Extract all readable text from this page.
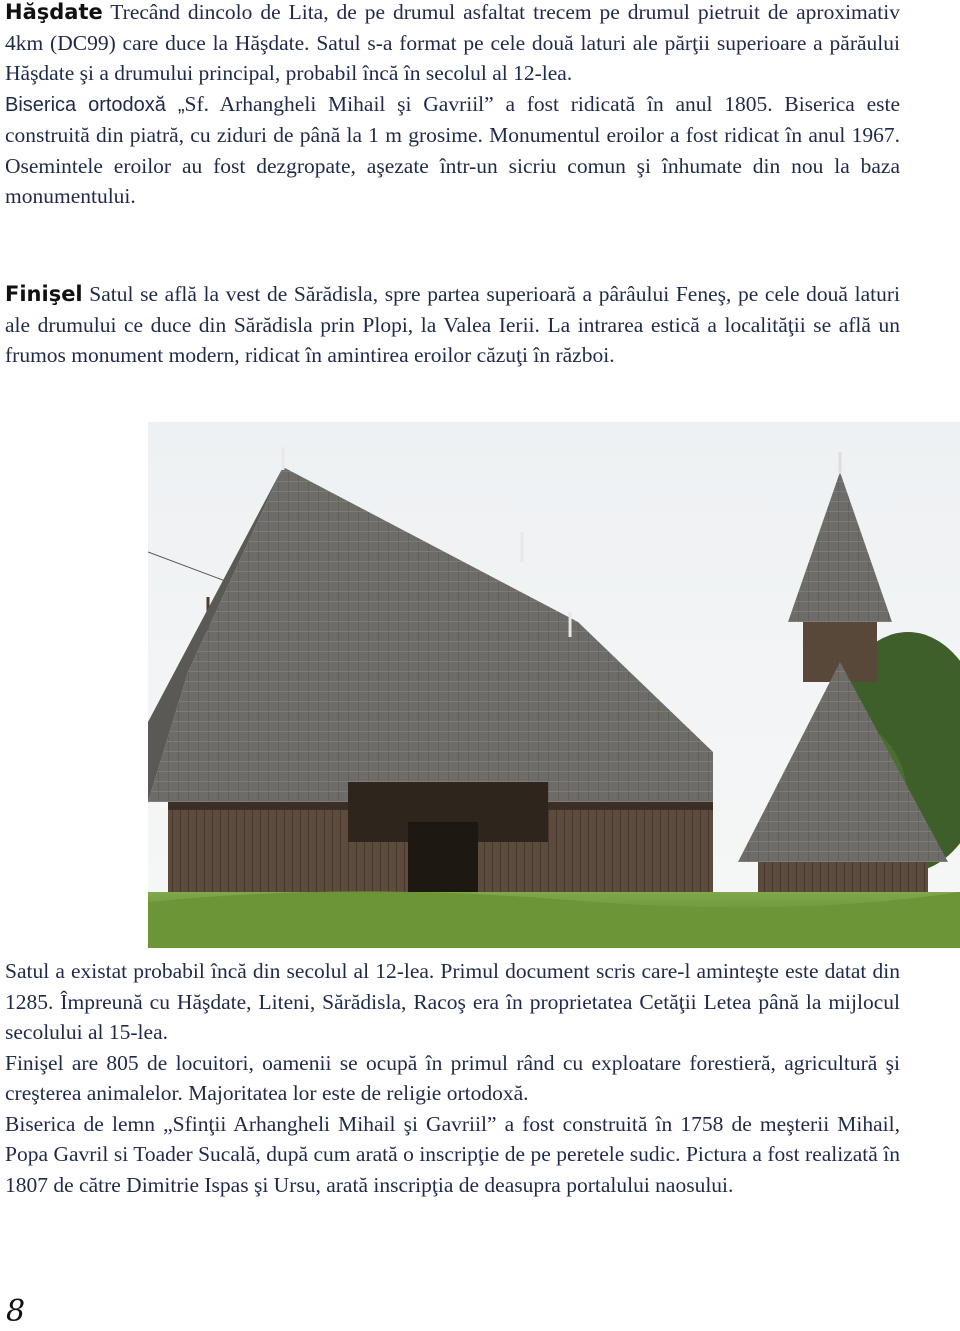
Hăşdate Trecând dincolo de Lita, de pe drumul asfaltat trecem pe drumul pietruit de aproximativ 4km (DC99) care duce la Hăşdate. Satul s-a format pe cele două laturi ale părţii superioare a părăului Hăşdate şi a drumului principal, probabil încă în secolul al 12-lea.
Biserica ortodoxă „Sf. Arhangheli Mihail şi Gavriil” a fost ridicată în anul 1805. Biserica este construită din piatră, cu ziduri de până la 1 m grosime. Monumentul eroilor a fost ridicat în anul 1967. Osemintele eroilor au fost dezgropate, aşezate într-un sicriu comun şi înhumate din nou la baza monumentului.

Finişel Satul se află la vest de Sărădisla, spre partea superioară a pârâului Feneş, pe cele două laturi ale drumului ce duce din Sărădisla prin Plopi, la Valea Ierii. La intrarea estică a localităţii se află un frumos monument modern, ridicat în amintirea eroilor căzuţi în război.

Satul a existat probabil încă din secolul al 12-lea. Primul document scris care-l aminteşte este datat din 1285. Împreună cu Hăşdate, Liteni, Sărădisla, Racoş era în proprietatea Cetăţii Letea până la mijlocul secolului al 15-lea.
Finişel are 805 de locuitori, oamenii se ocupă în primul rând cu exploatare forestieră, agricultură şi creşterea animalelor. Majoritatea lor este de religie ortodoxă.
Biserica de lemn „Sfinţii Arhangheli Mihail şi Gavriil” a fost construită în 1758 de meşterii Mihail, Popa Gavril si Toader Sucală, după cum arată o inscripţie de pe peretele sudic. Pictura a fost realizată în 1807 de către Dimitrie Ispas şi Ursu, arată inscripţia de deasupra portalului naosului.
8
